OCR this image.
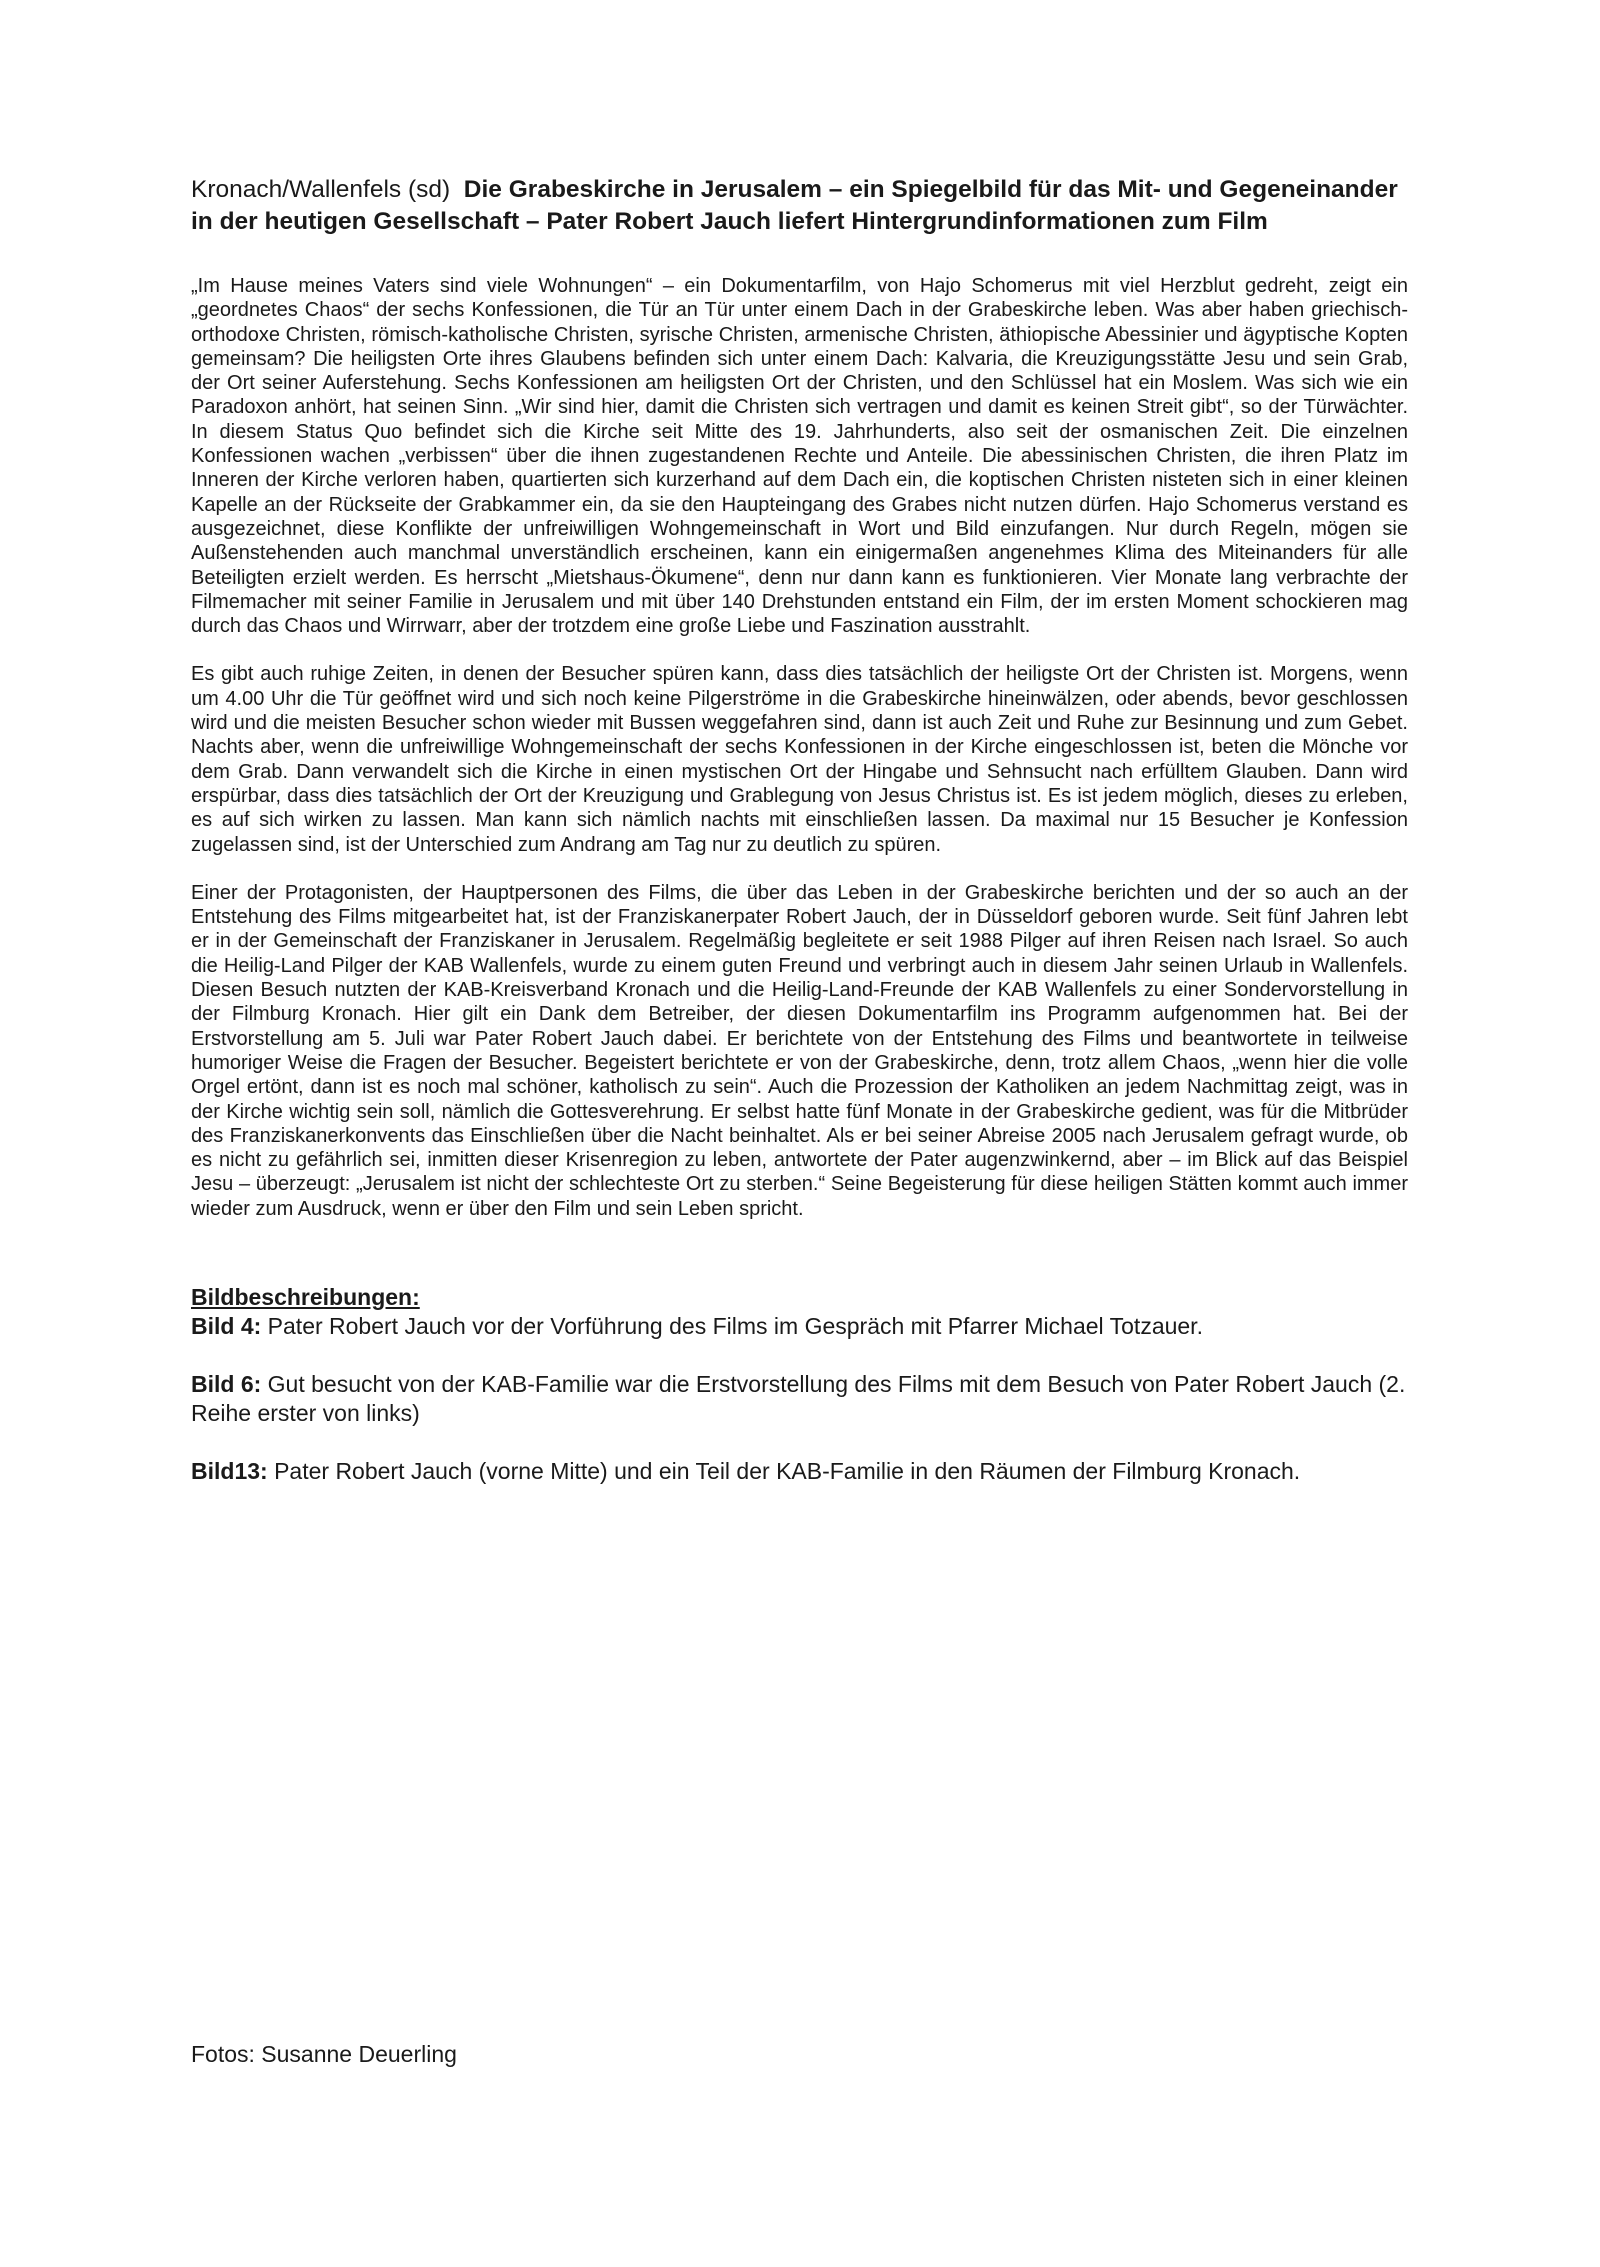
Kronach/Wallenfels (sd) Die Grabeskirche in Jerusalem – ein Spiegelbild für das Mit- und Gegeneinander in der heutigen Gesellschaft – Pater Robert Jauch liefert Hintergrundinformationen zum Film

„Im Hause meines Vaters sind viele Wohnungen“ – ein Dokumentarfilm, von Hajo Schomerus mit viel Herzblut gedreht, zeigt ein „geordnetes Chaos“ der sechs Konfessionen, die Tür an Tür unter einem Dach in der Grabeskirche leben. Was aber haben griechisch-orthodoxe Christen, römisch-katholische Christen, syrische Christen, armenische Christen, äthiopische Abessinier und ägyptische Kopten gemeinsam? Die heiligsten Orte ihres Glaubens befinden sich unter einem Dach: Kalvaria, die Kreuzigungsstätte Jesu und sein Grab, der Ort seiner Auferstehung. Sechs Konfessionen am heiligsten Ort der Christen, und den Schlüssel hat ein Moslem. Was sich wie ein Paradoxon anhört, hat seinen Sinn. „Wir sind hier, damit die Christen sich vertragen und damit es keinen Streit gibt“, so der Türwächter. In diesem Status Quo befindet sich die Kirche seit Mitte des 19. Jahrhunderts, also seit der osmanischen Zeit. Die einzelnen Konfessionen wachen „verbissen“ über die ihnen zugestandenen Rechte und Anteile. Die abessinischen Christen, die ihren Platz im Inneren der Kirche verloren haben, quartierten sich kurzerhand auf dem Dach ein, die koptischen Christen nisteten sich in einer kleinen Kapelle an der Rückseite der Grabkammer ein, da sie den Haupteingang des Grabes nicht nutzen dürfen. Hajo Schomerus verstand es ausgezeichnet, diese Konflikte der unfreiwilligen Wohngemeinschaft in Wort und Bild einzufangen. Nur durch Regeln, mögen sie Außenstehenden auch manchmal unverständlich erscheinen, kann ein einigermaßen angenehmes Klima des Miteinanders für alle Beteiligten erzielt werden. Es herrscht „Mietshaus-Ökumene“, denn nur dann kann es funktionieren. Vier Monate lang verbrachte der Filmemacher mit seiner Familie in Jerusalem und mit über 140 Drehstunden entstand ein Film, der im ersten Moment schockieren mag durch das Chaos und Wirrwarr, aber der trotzdem eine große Liebe und Faszination ausstrahlt.

Es gibt auch ruhige Zeiten, in denen der Besucher spüren kann, dass dies tatsächlich der heiligste Ort der Christen ist. Morgens, wenn um 4.00 Uhr die Tür geöffnet wird und sich noch keine Pilgerströme in die Grabeskirche hineinwälzen, oder abends, bevor geschlossen wird und die meisten Besucher schon wieder mit Bussen weggefahren sind, dann ist auch Zeit und Ruhe zur Besinnung und zum Gebet. Nachts aber, wenn die unfreiwillige Wohngemeinschaft der sechs Konfessionen in der Kirche eingeschlossen ist, beten die Mönche vor dem Grab. Dann verwandelt sich die Kirche in einen mystischen Ort der Hingabe und Sehnsucht nach erfülltem Glauben. Dann wird erspürbar, dass dies tatsächlich der Ort der Kreuzigung und Grablegung von Jesus Christus ist. Es ist jedem möglich, dieses zu erleben, es auf sich wirken zu lassen. Man kann sich nämlich nachts mit einschließen lassen. Da maximal nur 15 Besucher je Konfession zugelassen sind, ist der Unterschied zum Andrang am Tag nur zu deutlich zu spüren.

Einer der Protagonisten, der Hauptpersonen des Films, die über das Leben in der Grabeskirche berichten und der so auch an der Entstehung des Films mitgearbeitet hat, ist der Franziskanerpater Robert Jauch, der in Düsseldorf geboren wurde. Seit fünf Jahren lebt er in der Gemeinschaft der Franziskaner in Jerusalem. Regelmäßig begleitete er seit 1988 Pilger auf ihren Reisen nach Israel. So auch die Heilig-Land Pilger der KAB Wallenfels, wurde zu einem guten Freund und verbringt auch in diesem Jahr seinen Urlaub in Wallenfels. Diesen Besuch nutzten der KAB-Kreisverband Kronach und die Heilig-Land-Freunde der KAB Wallenfels zu einer Sondervorstellung in der Filmburg Kronach. Hier gilt ein Dank dem Betreiber, der diesen Dokumentarfilm ins Programm aufgenommen hat. Bei der Erstvorstellung am 5. Juli war Pater Robert Jauch dabei. Er berichtete von der Entstehung des Films und beantwortete in teilweise humoriger Weise die Fragen der Besucher. Begeistert berichtete er von der Grabeskirche, denn, trotz allem Chaos, „wenn hier die volle Orgel ertönt, dann ist es noch mal schöner, katholisch zu sein“. Auch die Prozession der Katholiken an jedem Nachmittag zeigt, was in der Kirche wichtig sein soll, nämlich die Gottesverehrung. Er selbst hatte fünf Monate in der Grabeskirche gedient, was für die Mitbrüder des Franziskanerkonvents das Einschließen über die Nacht beinhaltet. Als er bei seiner Abreise 2005 nach Jerusalem gefragt wurde, ob es nicht zu gefährlich sei, inmitten dieser Krisenregion zu leben, antwortete der Pater augenzwinkernd, aber – im Blick auf das Beispiel Jesu – überzeugt: „Jerusalem ist nicht der schlechteste Ort zu sterben.“ Seine Begeisterung für diese heiligen Stätten kommt auch immer wieder zum Ausdruck, wenn er über den Film und sein Leben spricht.

Bildbeschreibungen:

Bild 4: Pater Robert Jauch vor der Vorführung des Films im Gespräch mit Pfarrer Michael Totzauer.

Bild 6: Gut besucht von der KAB-Familie war die Erstvorstellung des Films mit dem Besuch von Pater Robert Jauch (2. Reihe erster von links)

Bild13: Pater Robert Jauch (vorne Mitte) und ein Teil der KAB-Familie in den Räumen der Filmburg Kronach.

Fotos: Susanne Deuerling
